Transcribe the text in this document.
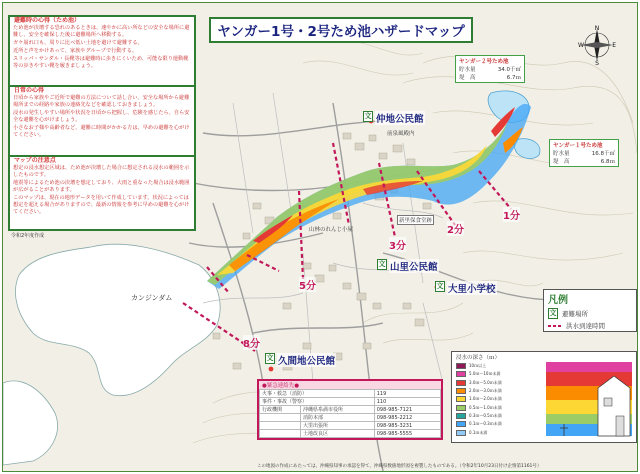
ヤンガー1号・2号ため池ハザードマップ	N
S
E
W
避難時の心得（ため池）

ため池が決壊する恐れのあるときは、速やかに高い所などの安全な場所に避難し、安全を確保した後に避難場所へ移動する。

ガケ崩れ口も、周りに比べ低い土地を避けて避難する。

近所と声をかけあって、家族やグループで行動する。

スリッパ・サンダル・長靴等は避難時に歩きにくいため、可能な限り運動靴等の歩きやすい靴を履きましょう。

日常の心得

日頃から家族やご近所で避難の方法について話し合い、安全な場所から避難場所までの経路や家族の連絡先などを確認しておきましょう。

浸水の発生しやすい場所や状況を日頃から把握し、危険を感じたら、自ら安全な避難を心がけましょう。

小さなお子様や高齢者など、避難に時間がかかる方は、早めの避難を心がけてください。

マップの注意点

想定の浸水想定区域は、ため池が決壊した場合に想定される浸水の範囲を示したものです。

地震等によるため池の決壊を想定しており、大雨と重なった場合は浸水範囲が広がることがあります。

このマップは、現在の地形データを用いて作成しています。状況によっては想定を超える場合がありますので、最新の情報を参考に早めの避難を心がけてください。

令和2年度作成
ヤンガー２号ため池
貯水量	34.0千㎥
堤　高	6.7ｍ
ヤンガー１号ため池
貯水量	16.8千㎥
堤　高	6.8ｍ
文 仲地公民館
前泉風殿内
新里保食堂跡
山林のれんじ小屋
文 山里公民館
文 大里小学校
文 久間地公民館
カンジンダム
1分
2分
3分
5分
8分
凡例
文 避難場所
洪水到達時間
浸水の深さ（ｍ）
10ｍ以上
5.0ｍ～10ｍ未満
3.0ｍ～5.0ｍ未満
2.0ｍ～3.0ｍ未満
1.0ｍ～2.0ｍ未満
0.5ｍ～1.0ｍ未満
0.3ｍ～0.5ｍ未満
0.1ｍ～0.3ｍ未満
0.1ｍ未満
●緊急連絡先●
火事・救急（消防）		119
事件・事故（警察）		110
行政機関	沖縄県糸満市役所	098-985-7121
	消防本部	098-985-2212
	大里出張所	098-985-3231
	土地改良区	098-985-5555
この地図の作成にあたっては、沖縄県知事の承認を得て、沖縄県数値地形図を複製したものである。（令和2年10月23日付け企情第1161号）
